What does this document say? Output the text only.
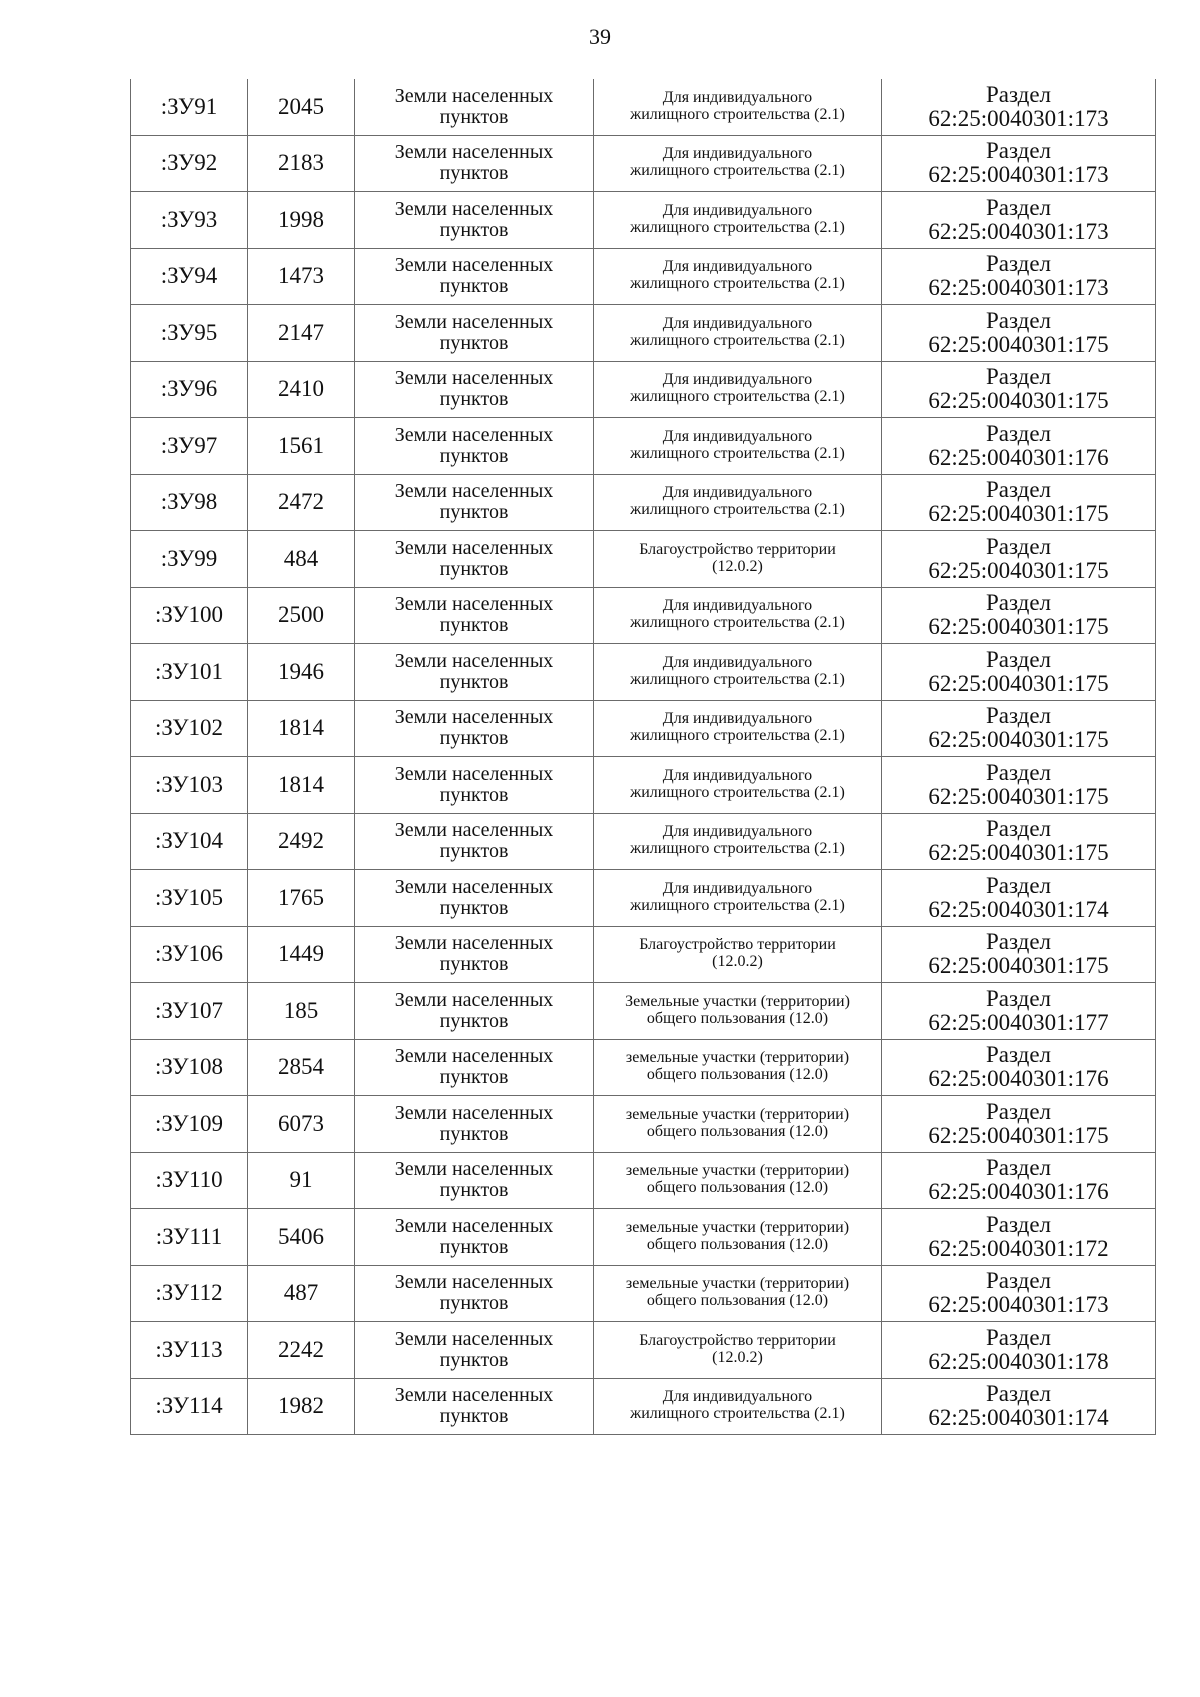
39
:ЗУ91	2045	Земли населенных
пунктов	Для индивидуального
жилищного строительства (2.1)	Раздел
62:25:0040301:173

:ЗУ92	2183	Земли населенных
пунктов	Для индивидуального
жилищного строительства (2.1)	Раздел
62:25:0040301:173

:ЗУ93	1998	Земли населенных
пунктов	Для индивидуального
жилищного строительства (2.1)	Раздел
62:25:0040301:173

:ЗУ94	1473	Земли населенных
пунктов	Для индивидуального
жилищного строительства (2.1)	Раздел
62:25:0040301:173

:ЗУ95	2147	Земли населенных
пунктов	Для индивидуального
жилищного строительства (2.1)	Раздел
62:25:0040301:175

:ЗУ96	2410	Земли населенных
пунктов	Для индивидуального
жилищного строительства (2.1)	Раздел
62:25:0040301:175

:ЗУ97	1561	Земли населенных
пунктов	Для индивидуального
жилищного строительства (2.1)	Раздел
62:25:0040301:176

:ЗУ98	2472	Земли населенных
пунктов	Для индивидуального
жилищного строительства (2.1)	Раздел
62:25:0040301:175

:ЗУ99	484	Земли населенных
пунктов	Благоустройство территории
(12.0.2)	Раздел
62:25:0040301:175

:ЗУ100	2500	Земли населенных
пунктов	Для индивидуального
жилищного строительства (2.1)	Раздел
62:25:0040301:175

:ЗУ101	1946	Земли населенных
пунктов	Для индивидуального
жилищного строительства (2.1)	Раздел
62:25:0040301:175

:ЗУ102	1814	Земли населенных
пунктов	Для индивидуального
жилищного строительства (2.1)	Раздел
62:25:0040301:175

:ЗУ103	1814	Земли населенных
пунктов	Для индивидуального
жилищного строительства (2.1)	Раздел
62:25:0040301:175

:ЗУ104	2492	Земли населенных
пунктов	Для индивидуального
жилищного строительства (2.1)	Раздел
62:25:0040301:175

:ЗУ105	1765	Земли населенных
пунктов	Для индивидуального
жилищного строительства (2.1)	Раздел
62:25:0040301:174

:ЗУ106	1449	Земли населенных
пунктов	Благоустройство территории
(12.0.2)	Раздел
62:25:0040301:175

:ЗУ107	185	Земли населенных
пунктов	Земельные участки (территории)
общего пользования (12.0)	Раздел
62:25:0040301:177

:ЗУ108	2854	Земли населенных
пунктов	земельные участки (территории)
общего пользования (12.0)	Раздел
62:25:0040301:176

:ЗУ109	6073	Земли населенных
пунктов	земельные участки (территории)
общего пользования (12.0)	Раздел
62:25:0040301:175

:ЗУ110	91	Земли населенных
пунктов	земельные участки (территории)
общего пользования (12.0)	Раздел
62:25:0040301:176

:ЗУ111	5406	Земли населенных
пунктов	земельные участки (территории)
общего пользования (12.0)	Раздел
62:25:0040301:172

:ЗУ112	487	Земли населенных
пунктов	земельные участки (территории)
общего пользования (12.0)	Раздел
62:25:0040301:173

:ЗУ113	2242	Земли населенных
пунктов	Благоустройство территории
(12.0.2)	Раздел
62:25:0040301:178

:ЗУ114	1982	Земли населенных
пунктов	Для индивидуального
жилищного строительства (2.1)	Раздел
62:25:0040301:174
